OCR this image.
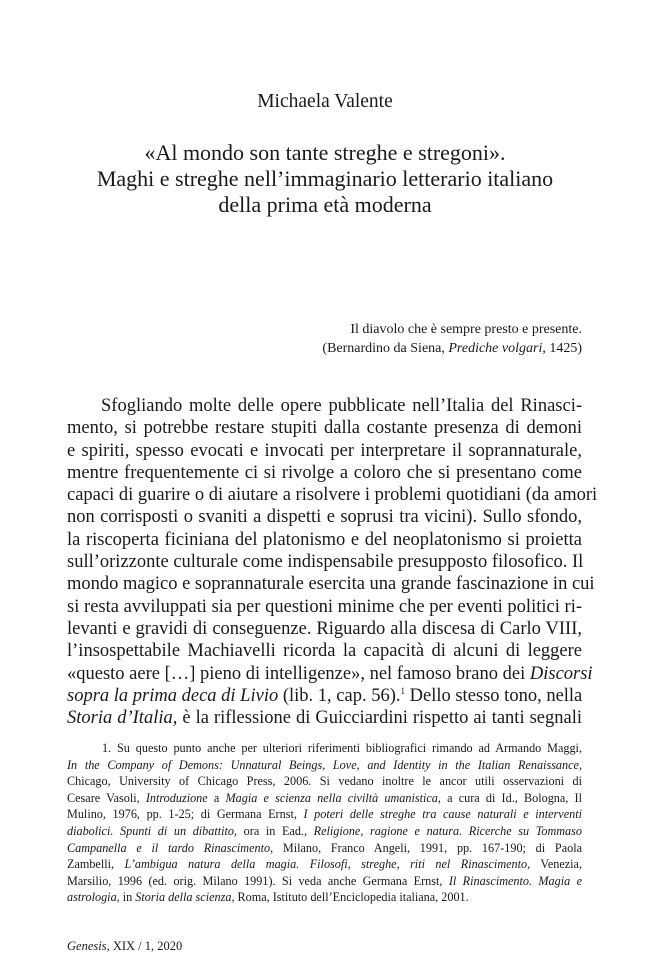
Michaela Valente
«Al mondo son tante streghe e stregoni».
Maghi e streghe nell’immaginario letterario italiano
della prima età moderna
Il diavolo che è sempre presto e presente.
(Bernardino da Siena, Prediche volgari, 1425)
Sfogliando molte delle opere pubblicate nell’Italia del Rinasci-
mento, si potrebbe restare stupiti dalla costante presenza di demoni
e spiriti, spesso evocati e invocati per interpretare il soprannaturale,
mentre frequentemente ci si rivolge a coloro che si presentano come
capaci di guarire o di aiutare a risolvere i problemi quotidiani (da amori
non corrisposti o svaniti a dispetti e soprusi tra vicini). Sullo sfondo,
la riscoperta ficiniana del platonismo e del neoplatonismo si proietta
sull’orizzonte culturale come indispensabile presupposto filosofico. Il
mondo magico e soprannaturale esercita una grande fascinazione in cui
si resta avviluppati sia per questioni minime che per eventi politici ri-
levanti e gravidi di conseguenze. Riguardo alla discesa di Carlo VIII,
l’insospettabile Machiavelli ricorda la capacità di alcuni di leggere
«questo aere […] pieno di intelligenze», nel famoso brano dei Discorsi
sopra la prima deca di Livio (lib. 1, cap. 56).$^1$ Dello stesso tono, nella
Storia d’Italia, è la riflessione di Guicciardini rispetto ai tanti segnali
1. Su questo punto anche per ulteriori riferimenti bibliografici rimando ad Armando Maggi,
In the Company of Demons: Unnatural Beings, Love, and Identity in the Italian Renaissance,
Chicago, University of Chicago Press, 2006. Si vedano inoltre le ancor utili osservazioni di
Cesare Vasoli, Introduzione a Magia e scienza nella civiltà umanistica, a cura di Id., Bologna, Il
Mulino, 1976, pp. 1-25; di Germana Ernst, I poteri delle streghe tra cause naturali e interventi
diabolici. Spunti di un dibattito, ora in Ead., Religione, ragione e natura. Ricerche su Tommaso
Campanella e il tardo Rinascimento, Milano, Franco Angeli, 1991, pp. 167-190; di Paola
Zambelli, L’ambigua natura della magia. Filosofi, streghe, riti nel Rinascimento, Venezia,
Marsilio, 1996 (ed. orig. Milano 1991). Si veda anche Germana Ernst, Il Rinascimento. Magia e
astrologia, in Storia della scienza, Roma, Istituto dell’Enciclopedia italiana, 2001.
Genesis, XIX / 1, 2020
